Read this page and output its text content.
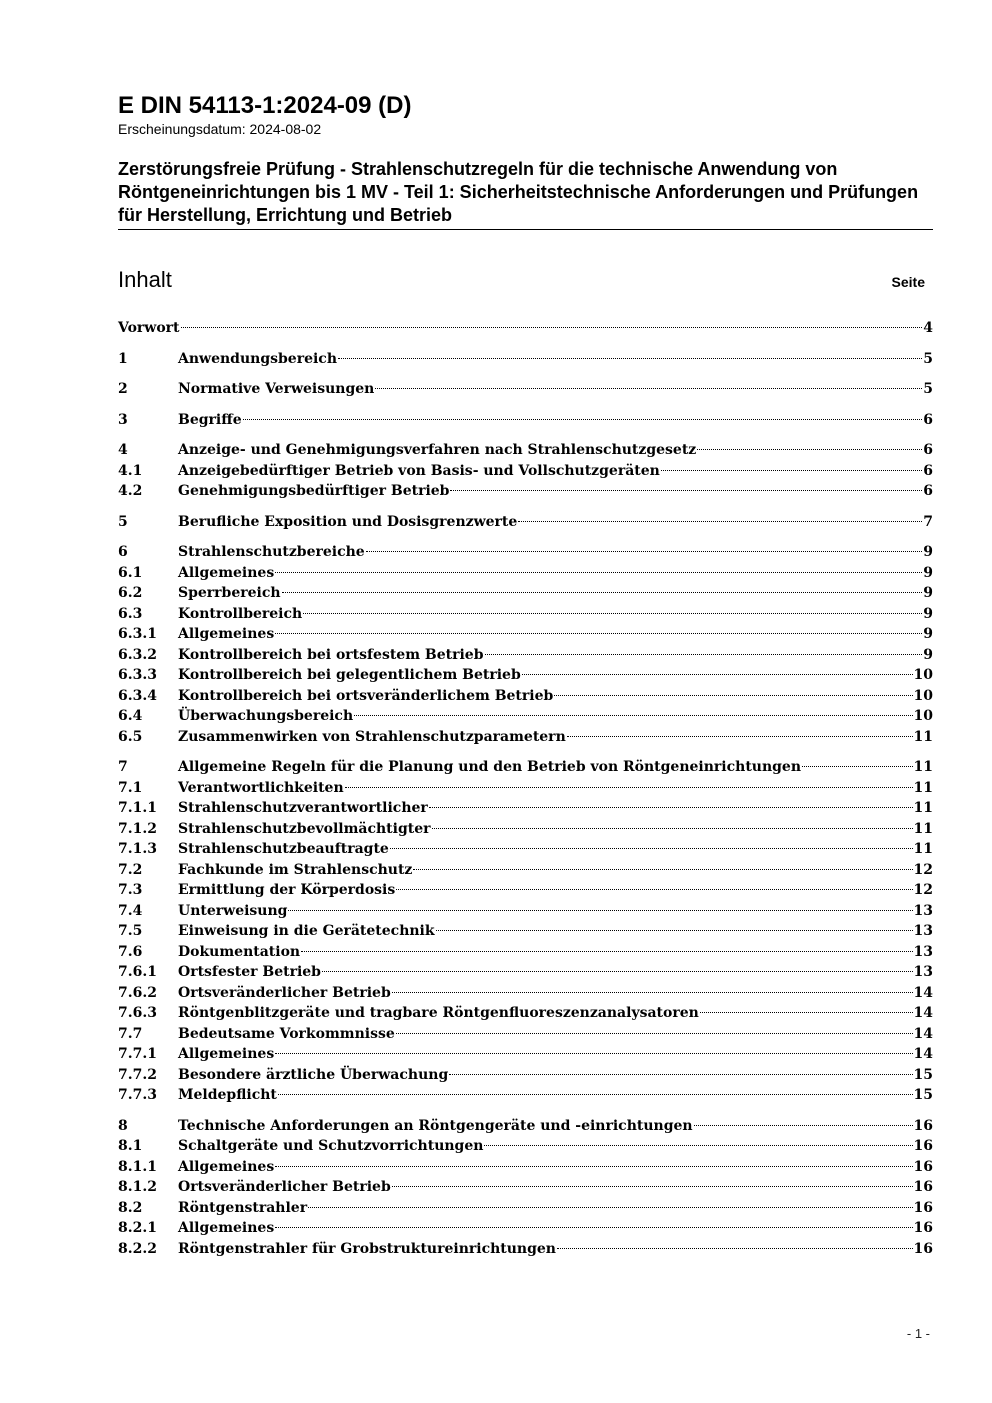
E DIN 54113-1:2024-09 (D)

Erscheinungsdatum: 2024-08-02

Zerstörungsfreie Prüfung - Strahlenschutzregeln für die technische Anwendung von Röntgeneinrichtungen bis 1 MV - Teil 1: Sicherheitstechnische Anforderungen und Prüfungen für Herstellung, Errichtung und Betrieb
Inhalt	Seite
Vorwort	4
1	Anwendungsbereich	5
2	Normative Verweisungen	5
3	Begriffe	6
4	Anzeige- und Genehmigungsverfahren nach Strahlenschutzgesetz	6
4.1	Anzeigebedürftiger Betrieb von Basis- und Vollschutzgeräten	6
4.2	Genehmigungsbedürftiger Betrieb	6
5	Berufliche Exposition und Dosisgrenzwerte	7
6	Strahlenschutzbereiche	9
6.1	Allgemeines	9
6.2	Sperrbereich	9
6.3	Kontrollbereich	9
6.3.1	Allgemeines	9
6.3.2	Kontrollbereich bei ortsfestem Betrieb	9
6.3.3	Kontrollbereich bei gelegentlichem Betrieb	10
6.3.4	Kontrollbereich bei ortsveränderlichem Betrieb	10
6.4	Überwachungsbereich	10
6.5	Zusammenwirken von Strahlenschutzparametern	11
7	Allgemeine Regeln für die Planung und den Betrieb von Röntgeneinrichtungen	11
7.1	Verantwortlichkeiten	11
7.1.1	Strahlenschutzverantwortlicher	11
7.1.2	Strahlenschutzbevollmächtigter	11
7.1.3	Strahlenschutzbeauftragte	11
7.2	Fachkunde im Strahlenschutz	12
7.3	Ermittlung der Körperdosis	12
7.4	Unterweisung	13
7.5	Einweisung in die Gerätetechnik	13
7.6	Dokumentation	13
7.6.1	Ortsfester Betrieb	13
7.6.2	Ortsveränderlicher Betrieb	14
7.6.3	Röntgenblitzgeräte und tragbare Röntgenfluoreszenzanalysatoren	14
7.7	Bedeutsame Vorkommnisse	14
7.7.1	Allgemeines	14
7.7.2	Besondere ärztliche Überwachung	15
7.7.3	Meldepflicht	15
8	Technische Anforderungen an Röntgengeräte und -einrichtungen	16
8.1	Schaltgeräte und Schutzvorrichtungen	16
8.1.1	Allgemeines	16
8.1.2	Ortsveränderlicher Betrieb	16
8.2	Röntgenstrahler	16
8.2.1	Allgemeines	16
8.2.2	Röntgenstrahler für Grobstruktureinrichtungen	16
- 1 -
